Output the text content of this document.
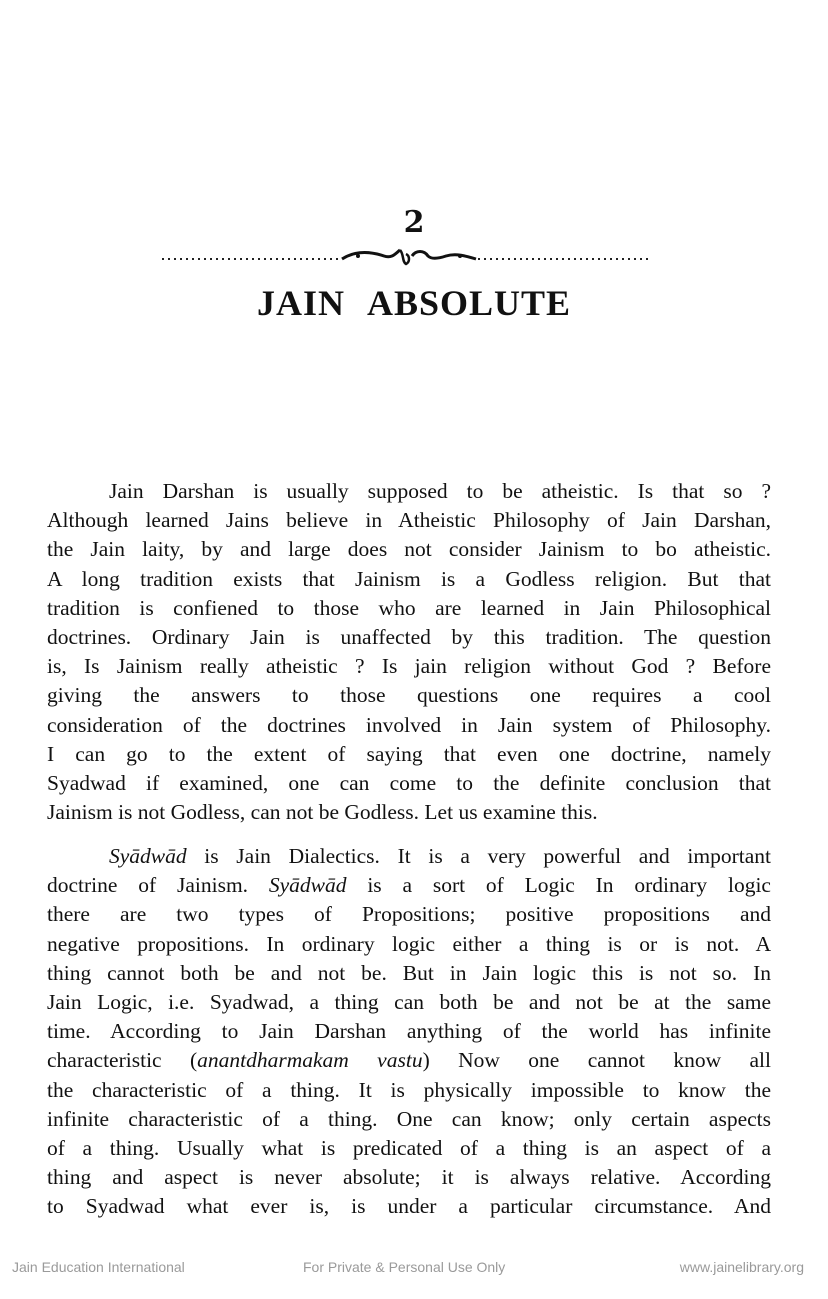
2
JAIN ABSOLUTE
Jain Darshan is usually supposed to be atheistic. Is that so ?
Although learned Jains believe in Atheistic Philosophy of Jain Darshan,
the Jain laity, by and large does not consider Jainism to bo atheistic.
A long tradition exists that Jainism is a Godless religion. But that
tradition is confiened to those who are learned in Jain Philosophical
doctrines. Ordinary Jain is unaffected by this tradition. The question
is, Is Jainism really atheistic ? Is jain religion without God ? Before
giving the answers to those questions one requires a cool
consideration of the doctrines involved in Jain system of Philosophy.
I can go to the extent of saying that even one doctrine, namely
Syadwad if examined, one can come to the definite conclusion that
Jainism is not Godless, can not be Godless. Let us examine this.
Syādwād is Jain Dialectics. It is a very powerful and important
doctrine of Jainism. Syādwād is a sort of Logic In ordinary logic
there are two types of Propositions; positive propositions and
negative propositions. In ordinary logic either a thing is or is not. A
thing cannot both be and not be. But in Jain logic this is not so. In
Jain Logic, i.e. Syadwad, a thing can both be and not be at the same
time. According to Jain Darshan anything of the world has infinite
characteristic (anantdharmakam vastu) Now one cannot know all
the characteristic of a thing. It is physically impossible to know the
infinite characteristic of a thing. One can know; only certain aspects
of a thing. Usually what is predicated of a thing is an aspect of a
thing and aspect is never absolute; it is always relative. According
to Syadwad what ever is, is under a particular circumstance. And
Jain Education International	For Private & Personal Use Only	www.jainelibrary.org
